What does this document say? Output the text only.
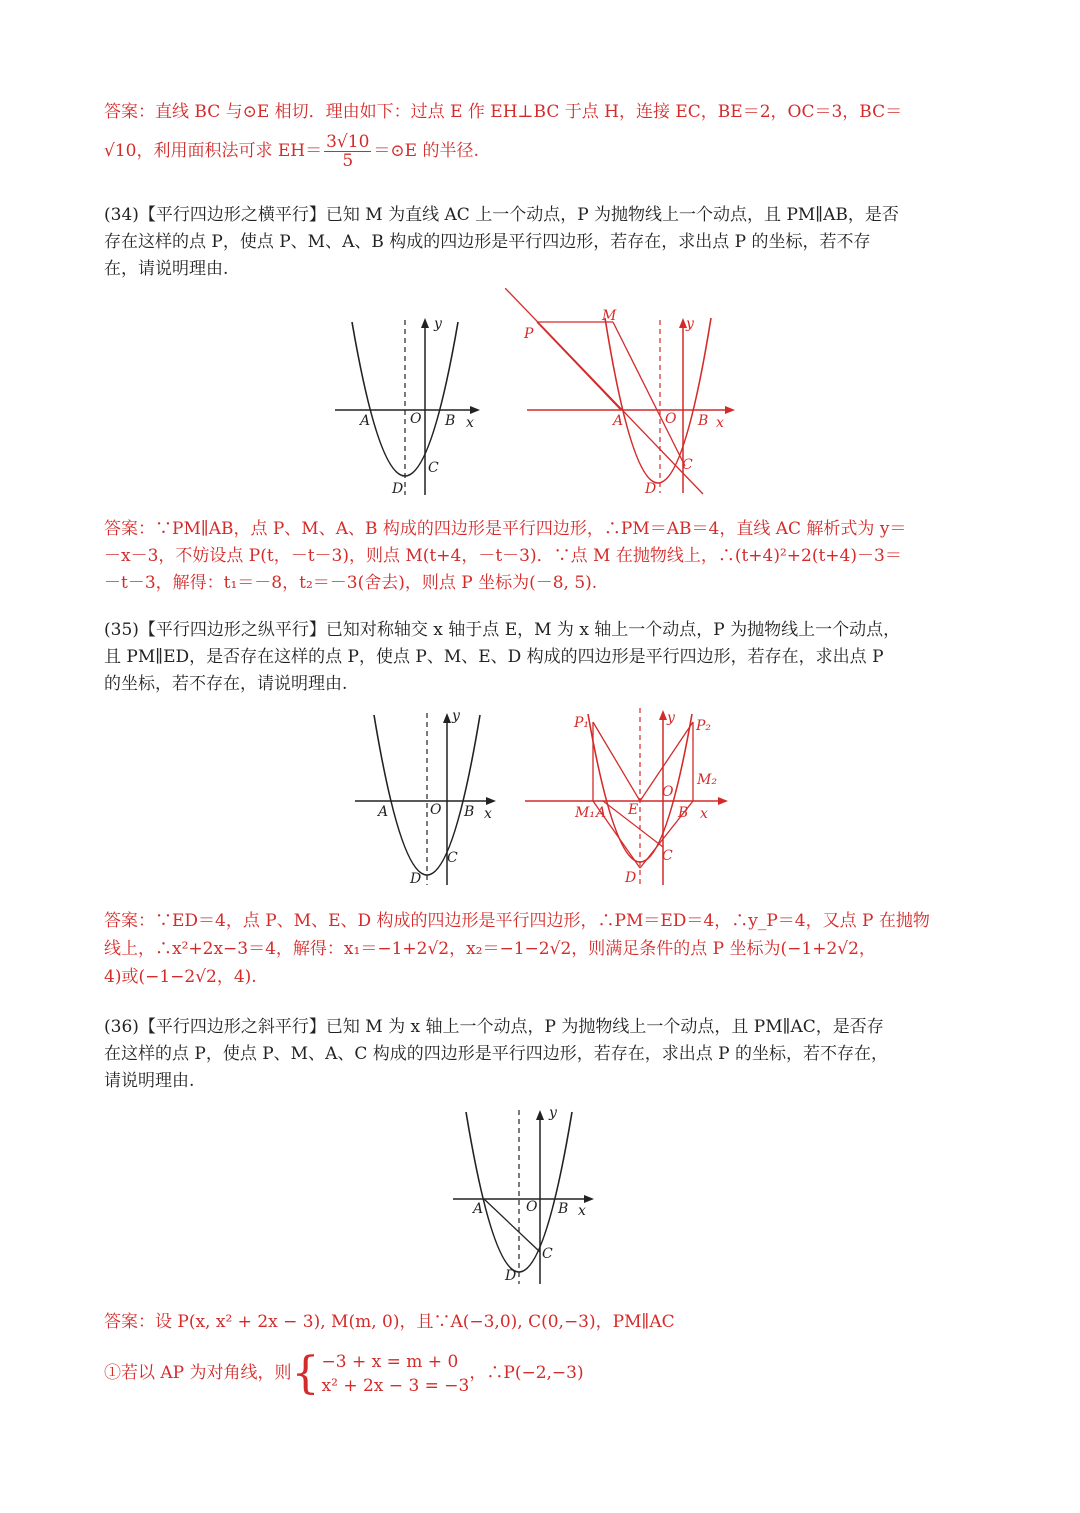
答案：直线 BC 与⊙E 相切．理由如下：过点 E 作 EH⊥BC 于点 H，连接 EC，BE＝2，OC＝3，BC＝
√10，利用面积法可求 $EH= \frac{3√10}{5}$ ＝⊙E 的半径.
(34)【平行四边形之横平行】已知 M 为直线 AC 上一个动点，P 为抛物线上一个动点，且 PM∥AB，是否
存在这样的点 P，使点 P、M、A、B 构成的四边形是平行四边形，若存在，求出点 P 的坐标，若不存
在，请说明理由.
A	O B x
y
C
D
P
M
A	O B x
y
C
D
答案：∵PM∥AB，点 P、M、A、B 构成的四边形是平行四边形，∴PM＝AB＝4，直线 AC 解析式为 y＝
－x－3，不妨设点 P(t，－t－3)，则点 M(t+4，－t－3)．∵点 M 在抛物线上，∴(t+4)²+2(t+4)－3＝
－t－3，解得：t₁＝－8，t₂＝－3(舍去)，则点 P 坐标为(－8, 5).
(35)【平行四边形之纵平行】已知对称轴交 x 轴于点 E，M 为 x 轴上一个动点，P 为抛物线上一个动点，
且 PM∥ED，是否存在这样的点 P，使点 P、M、E、D 构成的四边形是平行四边形，若存在，求出点 P
的坐标，若不存在，请说明理由.
A	O B x
y
C
D
P₁	P₂
M₂
M₁ A E
O
B x
y
C
D
答案：∵ED＝4，点 P、M、E、D 构成的四边形是平行四边形，∴PM＝ED＝4，∴y_P＝4，又点 P 在抛物
线上，∴x²+2x−3＝4，解得：x₁＝−1+2√2，x₂＝−1−2√2，则满足条件的点 P 坐标为(−1+2√2，
4)或(−1−2√2，4).
(36)【平行四边形之斜平行】已知 M 为 x 轴上一个动点，P 为抛物线上一个动点，且 PM∥AC，是否存
在这样的点 P，使点 P、M、A、C 构成的四边形是平行四边形，若存在，求出点 P 的坐标，若不存在，
请说明理由.
A	O B x
y
C
D
答案：设 P(x, x² + 2x − 3), M(m, 0)，且∵A(−3,0), C(0,−3)，PM∥AC
①若以 AP 为对角线，则{ −3 + x = m + 0
x² + 2x − 3 = −3
，∴P(−2,−3)
